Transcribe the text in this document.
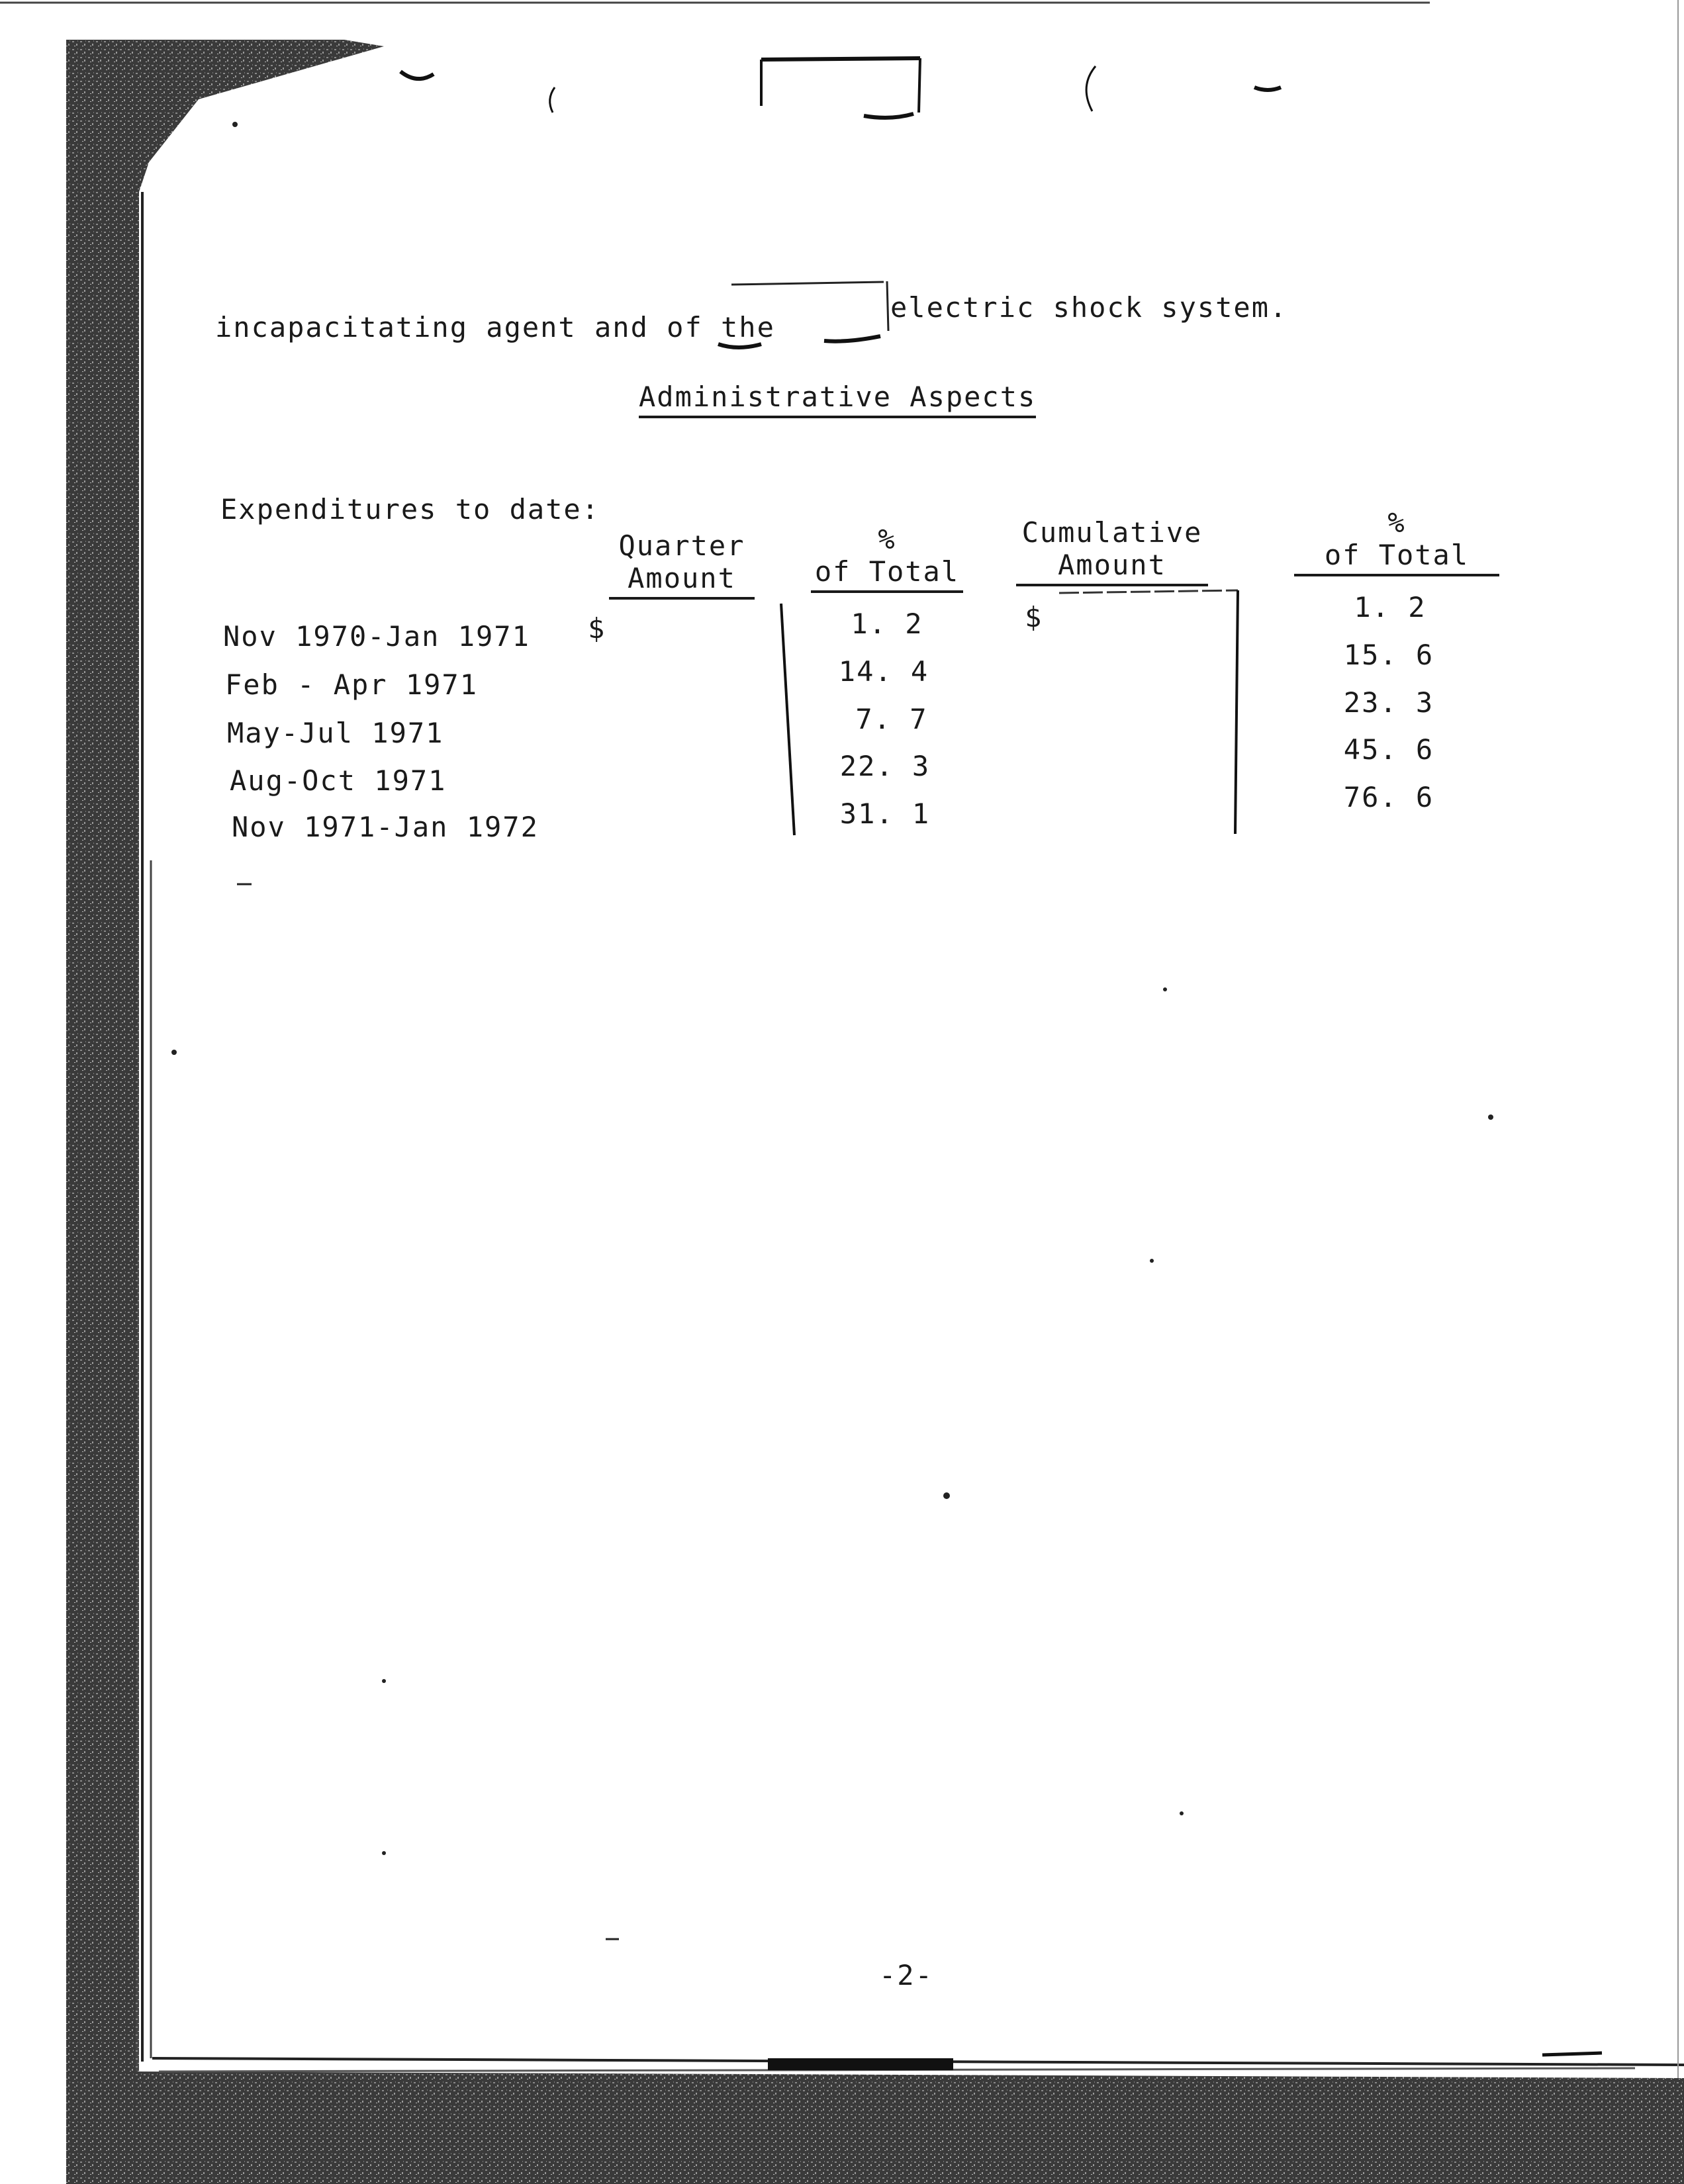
incapacitating agent and of the
electric shock system.
Administrative Aspects
Expenditures to date:
Quarter
Amount
%
of Total
Cumulative
Amount
%
of Total
$	$
Nov 1970-Jan 1971
Feb - Apr 1971
May-Jul 1971
Aug-Oct 1971
Nov 1971-Jan 1972
1. 2
14. 4
7. 7
22. 3
31. 1
1. 2
15. 6
23. 3
45. 6
76. 6
-2-
